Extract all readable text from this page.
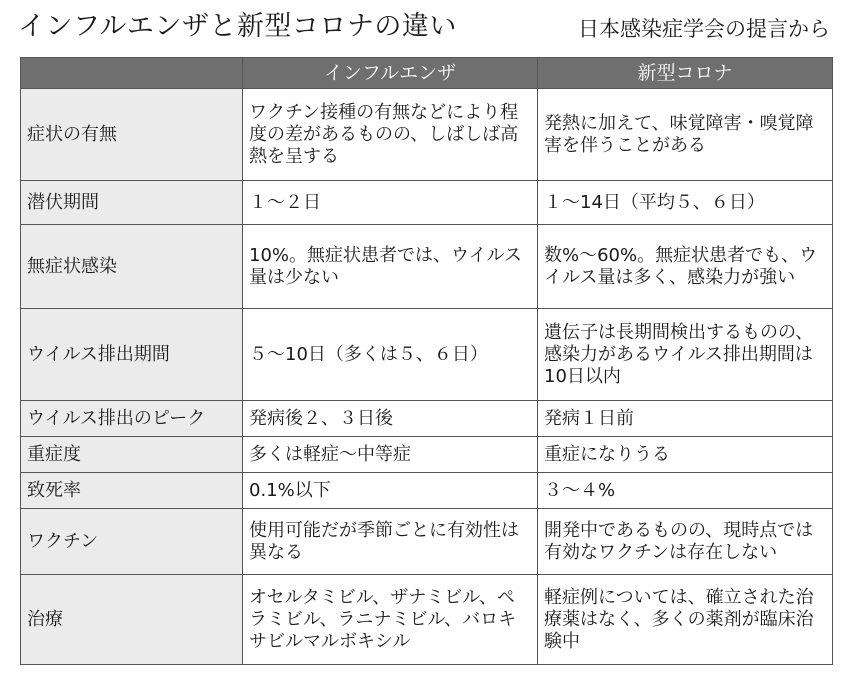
インフルエンザと新型コロナの違い	日本感染症学会の提言から
	インフルエンザ	新型コロナ
症状の有無	ワクチン接種の有無などにより程度の差があるものの、しばしば高熱を呈する	発熱に加えて、味覚障害・嗅覚障害を伴うことがある
潜伏期間	１〜２日	１〜14日（平均５、６日）
無症状感染	10%。無症状患者では、ウイルス量は少ない	数%〜60%。無症状患者でも、ウイルス量は多く、感染力が強い
ウイルス排出期間	５〜10日（多くは５、６日）	遺伝子は長期間検出するものの、感染力があるウイルス排出期間は10日以内
ウイルス排出のピーク	発病後２、３日後	発病１日前
重症度	多くは軽症〜中等症	重症になりうる
致死率	0.1%以下	３〜４%
ワクチン	使用可能だが季節ごとに有効性は異なる	開発中であるものの、現時点では有効なワクチンは存在しない
治療	オセルタミビル、ザナミビル、ペラミビル、ラニナミビル、バロキサビルマルボキシル	軽症例については、確立された治療薬はなく、多くの薬剤が臨床治験中
